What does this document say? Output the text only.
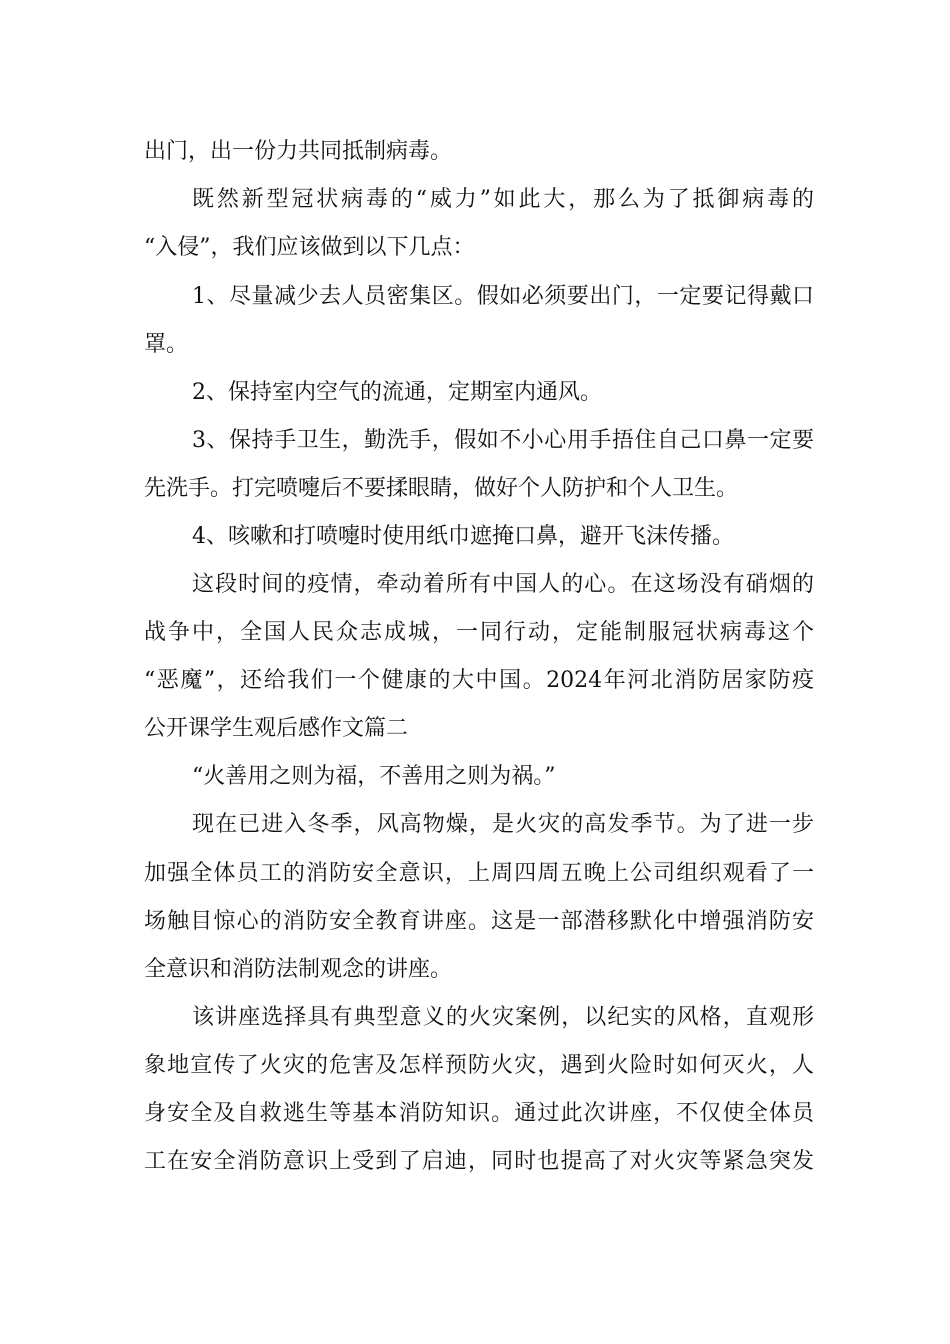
出门，出一份力共同抵制病毒。
既然新型冠状病毒的“威力”如此大，那么为了抵御病毒的
“入侵”，我们应该做到以下几点：
1、尽量减少去人员密集区。假如必须要出门，一定要记得戴口
罩。
2、保持室内空气的流通，定期室内通风。
3、保持手卫生，勤洗手，假如不小心用手捂住自己口鼻一定要
先洗手。打完喷嚏后不要揉眼睛，做好个人防护和个人卫生。
4、咳嗽和打喷嚏时使用纸巾遮掩口鼻，避开飞沫传播。
这段时间的疫情，牵动着所有中国人的心。在这场没有硝烟的
战争中，全国人民众志成城，一同行动，定能制服冠状病毒这个
“恶魔”，还给我们一个健康的大中国。2024年河北消防居家防疫
公开课学生观后感作文篇二
“火善用之则为福，不善用之则为祸。”
现在已进入冬季，风高物燥，是火灾的高发季节。为了进一步
加强全体员工的消防安全意识，上周四周五晚上公司组织观看了一
场触目惊心的消防安全教育讲座。这是一部潜移默化中增强消防安
全意识和消防法制观念的讲座。
该讲座选择具有典型意义的火灾案例，以纪实的风格，直观形
象地宣传了火灾的危害及怎样预防火灾，遇到火险时如何灭火，人
身安全及自救逃生等基本消防知识。通过此次讲座，不仅使全体员
工在安全消防意识上受到了启迪，同时也提高了对火灾等紧急突发
